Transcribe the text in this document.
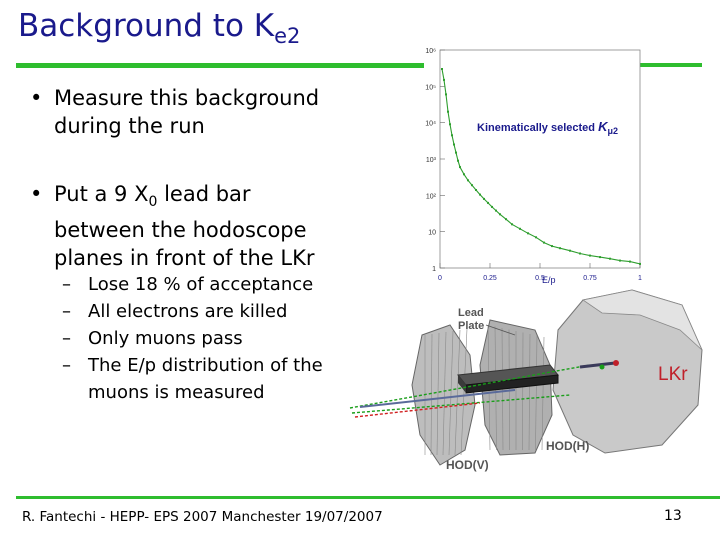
Background to $K_{e2}$
• Measure this background
during the run
• Put a 9 $X_0$ lead bar
between the hodoscope
planes in front of the LKr
– Lose 18 % of acceptance
– All electrons are killed
– Only muons pass
– The E/p distribution of the
muons is measured
1
10
10²
10³
10⁴
10⁵
10⁶
0	0.25	0.5	0.75	1
Kinematically selected $K_{\mu 2}$
E/p
LKr
Lead
Plate
HOD(H)
HOD(V)
R. Fantechi - HEPP- EPS 2007 Manchester 19/07/2007	13
